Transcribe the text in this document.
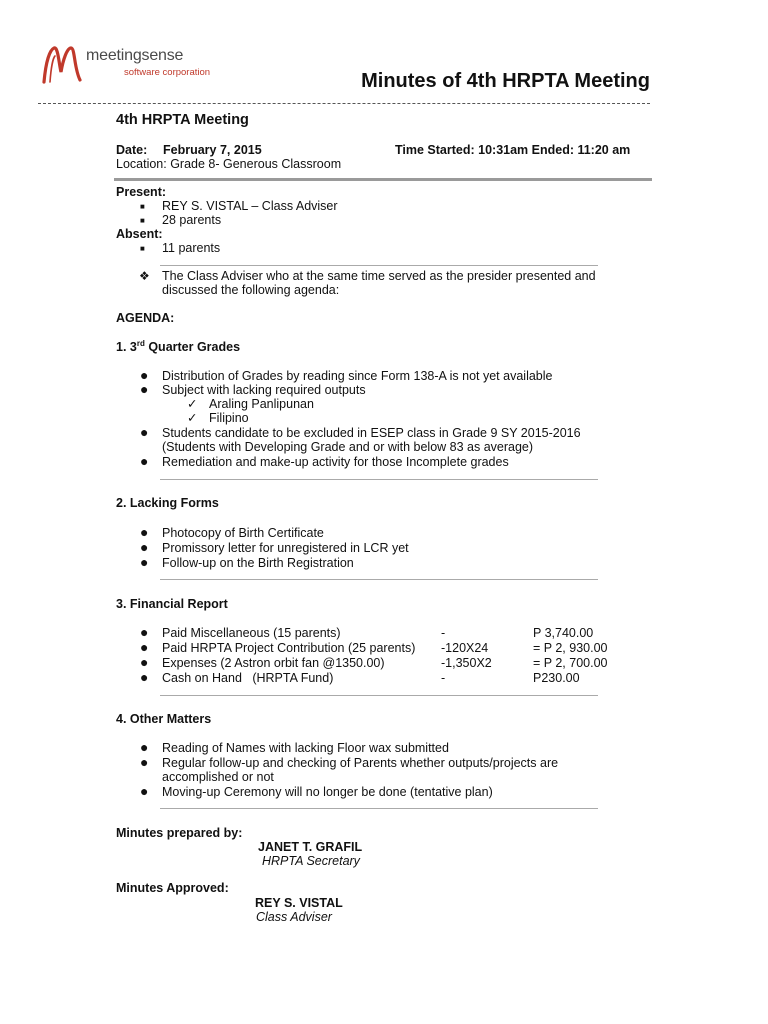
meetingsense
software corporation	Minutes of 4th HRPTA Meeting
4th HRPTA Meeting
Date: February 7, 2015	Time Started: 10:31am Ended: 11:20 am
Location: Grade 8- Generous Classroom
Present:
■ REY S. VISTAL – Class Adviser
■ 28 parents
Absent:
■ 11 parents
❖ The Class Adviser who at the same time served as the presider presented and
discussed the following agenda:
AGENDA:
1. 3rd Quarter Grades
● Distribution of Grades by reading since Form 138-A is not yet available
● Subject with lacking required outputs
✓ Araling Panlipunan
✓ Filipino
● Students candidate to be excluded in ESEP class in Grade 9 SY 2015-2016
(Students with Developing Grade and or with below 83 as average)
● Remediation and make-up activity for those Incomplete grades
2. Lacking Forms
● Photocopy of Birth Certificate
● Promissory letter for unregistered in LCR yet
● Follow-up on the Birth Registration
3. Financial Report
● Paid Miscellaneous (15 parents)	-	P 3,740.00
● Paid HRPTA Project Contribution (25 parents) -120X24	= P 2, 930.00
● Expenses (2 Astron orbit fan @1350.00)	-1,350X2	= P 2, 700.00
● Cash on Hand   (HRPTA Fund)	-	P230.00
4. Other Matters
● Reading of Names with lacking Floor wax submitted
● Regular follow-up and checking of Parents whether outputs/projects are
accomplished or not
● Moving-up Ceremony will no longer be done (tentative plan)
Minutes prepared by:
JANET T. GRAFIL
HRPTA Secretary
Minutes Approved:
REY S. VISTAL
Class Adviser
